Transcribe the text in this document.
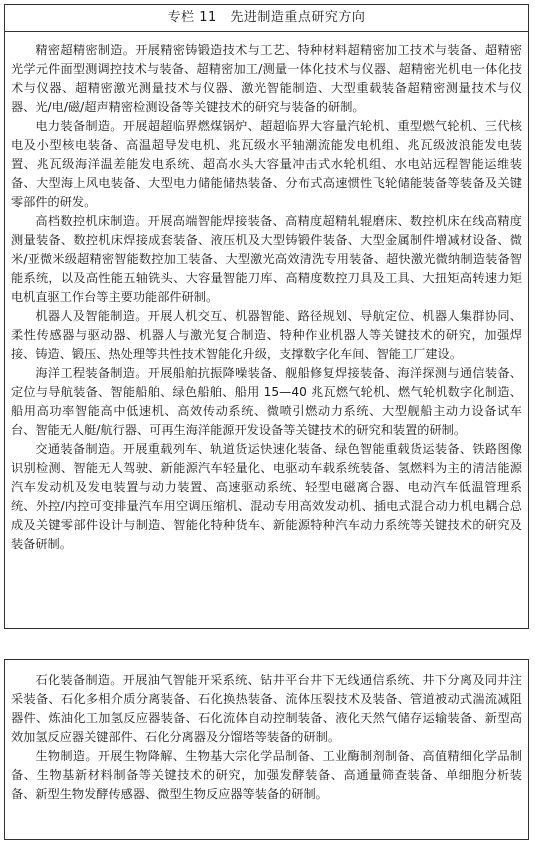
专栏 11　先进制造重点研究方向

精密超精密制造。开展精密铸锻造技术与工艺、特种材料超精密加工技术与装备、超精密光学元件面型测调控技术与装备、超精密加工/测量一体化技术与仪器、超精密光机电一体化技术与仪器、超精密激光测量技术与仪器、激光智能制造、大型重载装备超精密测量技术与仪器、光/电/磁/超声精密检测设备等关键技术的研究与装备的研制。

电力装备制造。开展超超临界燃煤锅炉、超超临界大容量汽轮机、重型燃气轮机、三代核电及小型核电装备、高温超导发电机、兆瓦级水平轴潮流能发电机组、兆瓦级波浪能发电装置、兆瓦级海洋温差能发电系统、超高水头大容量冲击式水轮机组、水电站远程智能运维装备、大型海上风电装备、大型电力储能储热装备、分布式高速惯性飞轮储能装备等装备及关键零部件的研发。

高档数控机床制造。开展高端智能焊接装备、高精度超精轧辊磨床、数控机床在线高精度测量装备、数控机床焊接成套装备、液压机及大型铸锻件装备、大型金属制件增减材设备、微米/亚微米级超精密智能数控加工装备、大型激光高效清洗专用装备、超快激光微纳制造装备智能系统，以及高性能五轴铣头、大容量智能刀库、高精度数控刀具及工具、大扭矩高转速力矩电机直驱工作台等主要功能部件研制。

机器人及智能制造。开展人机交互、机器智能、路径规划、导航定位、机器人集群协同、柔性传感器与驱动器、机器人与激光复合制造、特种作业机器人等关键技术的研究，加强焊接、铸造、锻压、热处理等共性技术智能化升级，支撑数字化车间、智能工厂建设。

海洋工程装备制造。开展船舶抗振降噪装备、舰船修复焊接装备、海洋探测与通信装备、定位与导航装备、智能船舶、绿色船舶、船用 15—40 兆瓦燃气轮机、燃气轮机数字化制造、船用高功率智能高中低速机、高效传动系统、微喷引燃动力系统、大型舰船主动力设备试车台、智能无人艇/航行器、可再生海洋能源开发设备等关键技术的研究和装置的研制。

交通装备制造。开展重载列车、轨道货运快速化装备、绿色智能重载货运装备、铁路图像识别检测、智能无人驾驶、新能源汽车轻量化、电驱动车载系统装备、氢燃料为主的清洁能源汽车发动机及发电装置与动力装置、高速驱动系统、轻型电磁离合器、电动汽车低温管理系统、外控/内控可变排量汽车用空调压缩机、混动专用高效发动机、插电式混合动力机电耦合总成及关键零部件设计与制造、智能化特种货车、新能源特种汽车动力系统等关键技术的研究及装备研制。

石化装备制造。开展油气智能开采系统、钻井平台井下无线通信系统、井下分离及同井注采装备、石化多相介质分离装备、石化换热装备、流体压裂技术及装备、管道被动式湍流减阻器件、炼油化工加氢反应器装备、石化流体自动控制装备、液化天然气储存运输装备、新型高效加氢反应器关键部件、石化分离器及分馏塔等装备的研制。

生物制造。开展生物降解、生物基大宗化学品制备、工业酶制剂制备、高值精细化学品制备、生物基新材料制备等关键技术的研究，加强发酵装备、高通量筛查装备、单细胞分析装备、新型生物发酵传感器、微型生物反应器等装备的研制。
